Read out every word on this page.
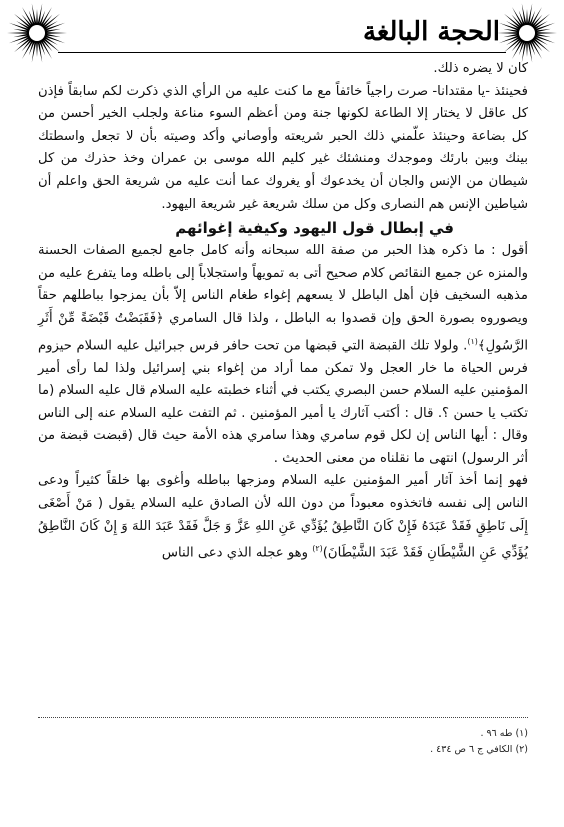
الحجة البالغة

كان لا يضره ذلك.

فحينئذ -يا مقتدانا- صرت راجياً خائفاً مع ما كنت عليه من الرأي الذي ذكرت لكم سابقاً فإذن كل عاقل لا يختار إلا الطاعة لكونها جنة ومن أعظم السوء مناعة ولجلب الخير أحسن من كل بضاعة وحينئذ علّمني ذلك الحبر شريعته وأوصاني وأكد وصيته بأن لا تجعل واسطتك بينك وبين بارئك وموجدك ومنشئك غير كليم الله موسى بن عمران وخذ حذرك من كل شيطان من الإنس والجان أن يخدعوك أو يغروك عما أنت عليه من شريعة الحق واعلم أن شياطين الإنس هم النصارى وكل من سلك شريعة غير شريعة اليهود.

في إبطال قول اليهود وكيفية إغوائهم

أقول : ما ذكره هذا الحبر من صفة الله سبحانه وأنه كامل جامع لجميع الصفات الحسنة والمنزه عن جميع النقائص كلام صحيح أتى به تمويهاً واستجلاباً إلى باطله وما يتفرع عليه من مذهبه السخيف فإن أهل الباطل لا يسعهم إغواء طغام الناس إلاّ بأن يمزجوا بباطلهم حقاً ويصوروه بصورة الحق وإن قصدوا به الباطل ، ولذا قال السامري ﴿فَقَبَضْتُ قَبْضَةً مِّنْ أَثَرِ الرَّسُولِ﴾$^{(١)}$. ولولا تلك القبضة التي قبضها من تحت حافر فرس جبرائيل عليه السلام حيزوم فرس الحياة ما خار العجل ولا تمكن مما أراد من إغواء بني إسرائيل ولذا لما رأى أمير المؤمنين عليه السلام حسن البصري يكتب في أثناء خطبته عليه السلام قال عليه السلام (ما تكتب يا حسن ؟. قال : أكتب آثارك يا أمير المؤمنين . ثم التفت عليه السلام عنه إلى الناس وقال : أيها الناس إن لكل قوم سامري وهذا سامري هذه الأمة حيث قال (قبضت قبضة من أثر الرسول) انتهى ما نقلناه من معنى الحديث .

فهو إنما أخذ آثار أمير المؤمنين عليه السلام ومزجها بباطله وأغوى بها خلقاً كثيراً ودعى الناس إلى نفسه فاتخذوه معبوداً من دون الله لأن الصادق عليه السلام يقول ( مَنْ أَصْغَى إِلَى نَاطِقٍ فَقَدْ عَبَدَهُ فَإِنْ كَانَ النَّاطِقُ يُؤَدِّي عَنِ اللهِ عَزَّ وَ جَلَّ فَقَدْ عَبَدَ اللهَ وَ إِنْ كَانَ النَّاطِقُ يُؤَدِّي عَنِ الشَّيْطَانِ فَقَدْ عَبَدَ الشَّيْطَانَ)$^{(٢)}$ وهو عجله الذي دعى الناس

(١) طه ٩٦ .
(٢) الكافي ج ٦ ص ٤٣٤ .
